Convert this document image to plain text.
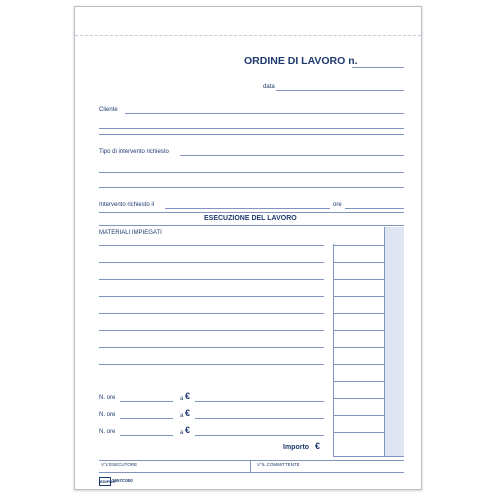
ORDINE DI LAVORO n.
data
Cliente
Tipo di intervento richiesto
Intervento richiesto il	ore
ESECUZIONE DEL LAVORO
MATERIALI IMPIEGATI
N. ore	a €
N. ore	a €
N. ore	a €
Importo €
V°L'ESECUTORE	V°IL COMMITTENTE
EDIPRO
2657C000
